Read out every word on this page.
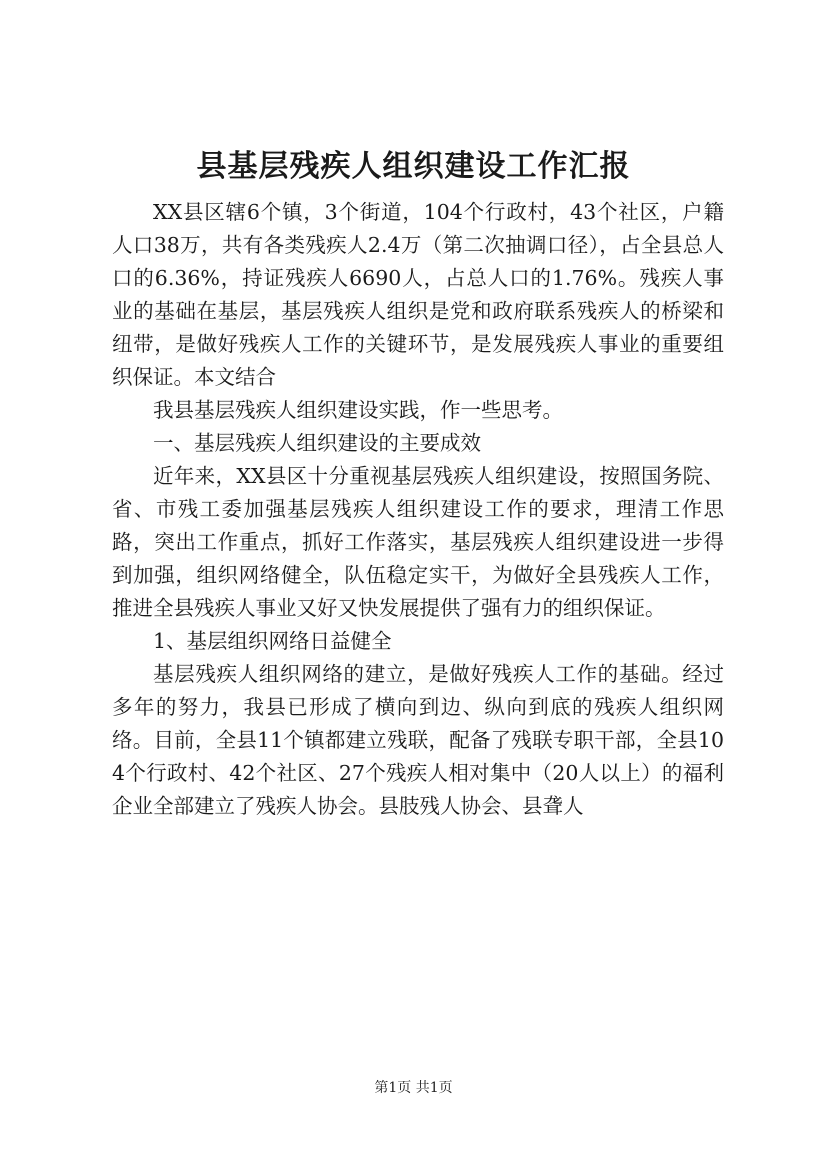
县基层残疾人组织建设工作汇报

XX县区辖6个镇，3个街道，104个行政村，43个社区，户籍人口38万，共有各类残疾人2.4万（第二次抽调口径），占全县总人口的6.36%，持证残疾人6690人，占总人口的1.76%。残疾人事业的基础在基层，基层残疾人组织是党和政府联系残疾人的桥梁和纽带，是做好残疾人工作的关键环节，是发展残疾人事业的重要组织保证。本文结合

我县基层残疾人组织建设实践，作一些思考。

一、基层残疾人组织建设的主要成效

近年来，XX县区十分重视基层残疾人组织建设，按照国务院、省、市残工委加强基层残疾人组织建设工作的要求，理清工作思路，突出工作重点，抓好工作落实，基层残疾人组织建设进一步得到加强，组织网络健全，队伍稳定实干，为做好全县残疾人工作，推进全县残疾人事业又好又快发展提供了强有力的组织保证。

1、基层组织网络日益健全

基层残疾人组织网络的建立，是做好残疾人工作的基础。经过多年的努力，我县已形成了横向到边、纵向到底的残疾人组织网络。目前，全县11个镇都建立残联，配备了残联专职干部，全县104个行政村、42个社区、27个残疾人相对集中（20人以上）的福利企业全部建立了残疾人协会。县肢残人协会、县聋人

第1页 共1页
